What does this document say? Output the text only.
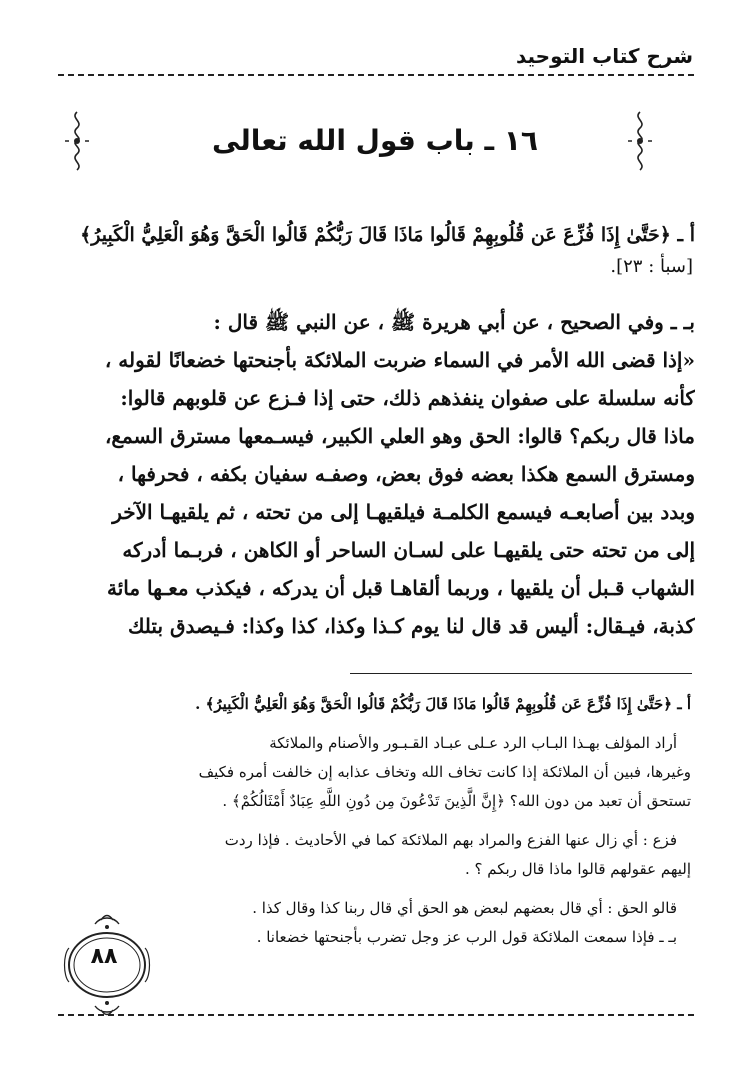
شرح كتاب التوحيد
١٦ ـ باب قول الله تعالى
أ ـ ﴿حَتَّىٰ إِذَا فُزِّعَ عَن قُلُوبِهِمْ قَالُوا مَاذَا قَالَ رَبُّكُمْ قَالُوا الْحَقَّ وَهُوَ الْعَلِيُّ الْكَبِيرُ﴾
[سبأ : ٢٣].
بـ ـ وفي الصحيح ، عن أبي هريرة ﷺ ، عن النبي ﷺ قال :
«إذا قضى الله الأمر في السماء ضربت الملائكة بأجنحتها خضعانًا لقوله ،
كأنه سلسلة على صفوان ينفذهم ذلك، حتى إذا فـزع عن قلوبهم قالوا:
ماذا قال ربكم؟ قالوا: الحق وهو العلي الكبير، فيسـمعها مسترق السمع،
ومسترق السمع هكذا بعضه فوق بعض، وصفـه سفيان بكفه ، فحرفها ،
وبدد بين أصابعـه فيسمع الكلمـة فيلقيهـا إلى من تحته ، ثم يلقيهـا الآخر
إلى من تحته حتى يلقيهـا على لسـان الساحر أو الكاهن ، فربـما أدركه
الشهاب قـبل أن يلقيها ، وربما ألقاهـا قبل أن يدركه ، فيكذب معـها مائة
كذبة، فيـقال: أليس قد قال لنا يوم كـذا وكذا، كذا وكذا: فـيصدق بتلك
أ ـ ﴿حَتَّىٰ إِذَا فُزِّعَ عَن قُلُوبِهِمْ قَالُوا مَاذَا قَالَ رَبُّكُمْ قَالُوا الْحَقَّ وَهُوَ الْعَلِيُّ الْكَبِيرُ﴾ .
أراد المؤلف بهـذا البـاب الرد عـلى عبـاد القـبـور والأصنام والملائكة
وغيرها، فبين أن الملائكة إذا كانت تخاف الله وتخاف عذابه إن خالفت أمره فكيف
تستحق أن تعبد من دون الله؟ ﴿إِنَّ الَّذِينَ تَدْعُونَ مِن دُونِ اللَّهِ عِبَادٌ أَمْثَالُكُمْ﴾ .
فزع : أي زال عنها الفزع والمراد بهم الملائكة كما في الأحاديث . فإذا ردت
إليهم عقولهم قالوا ماذا قال ربكم ؟ .
قالو الحق : أي قال بعضهم لبعض هو الحق أي قال ربنا كذا وقال كذا .
بـ ـ فإذا سمعت الملائكة قول الرب عز وجل تضرب بأجنحتها خضعانا .
٨٨
